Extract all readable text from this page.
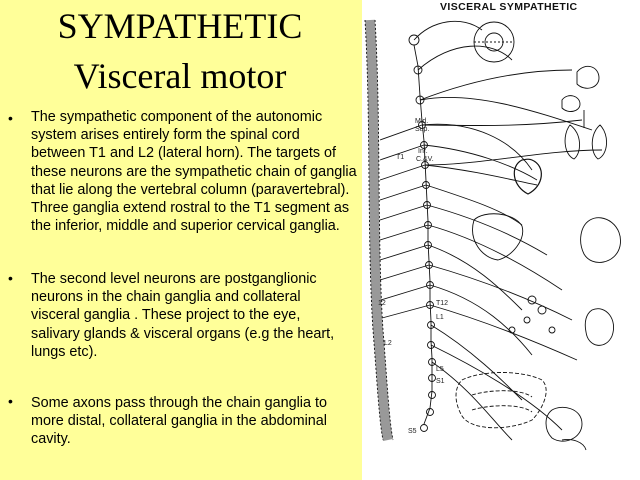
SYMPATHETIC
Visceral motor
• The sympathetic component of the autonomic system arises entirely form the spinal cord between T1 and L2 (lateral horn). The targets of these neurons are the sympathetic chain of ganglia that lie along the vertebral column (paravertebral). Three ganglia extend rostral to the T1 segment as the inferior, middle and superior cervical ganglia.

• The second level neurons are postganglionic neurons in the chain ganglia and collateral visceral ganglia . These project to the eye, salivary glands & visceral organs (e.g the heart, lungs etc).

• Some axons pass through the chain ganglia to more distal, collateral ganglia in the abdominal cavity.

VISCERAL SYMPATHETIC
Mid.
Sup.
Inf.
C.&V.
T1
12	T12
L1
L2
L5
S1
S5
